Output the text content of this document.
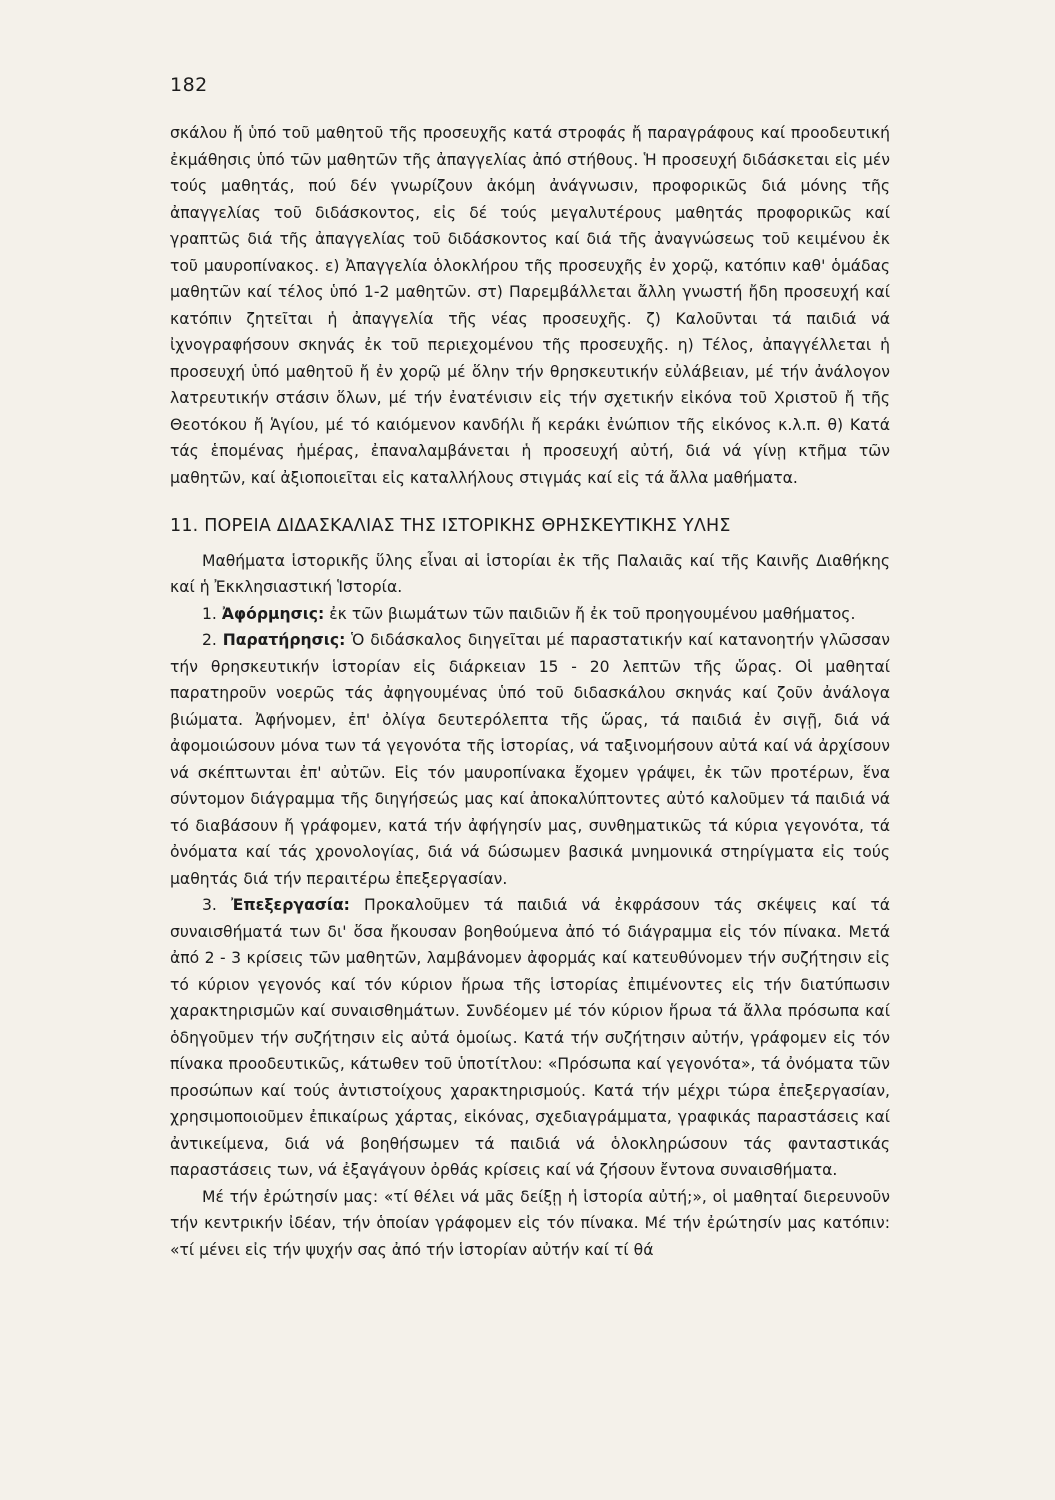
182

σκάλου ἤ ὑπό τοῦ μαθητοῦ τῆς προσευχῆς κατά στροφάς ἤ παραγράφους καί προοδευτική ἐκμάθησις ὑπό τῶν μαθητῶν τῆς ἀπαγγελίας ἀπό στήθους. Ἡ προσευχή διδάσκεται εἰς μέν τούς μαθητάς, πού δέν γνωρίζουν ἀκόμη ἀνάγνωσιν, προφορικῶς διά μόνης τῆς ἀπαγγελίας τοῦ διδάσκοντος, εἰς δέ τούς μεγαλυτέρους μαθητάς προφορικῶς καί γραπτῶς διά τῆς ἀπαγγελίας τοῦ διδάσκοντος καί διά τῆς ἀναγνώσεως τοῦ κειμένου ἐκ τοῦ μαυροπίνακος. ε) Ἀπαγγελία ὁλοκλήρου τῆς προσευχῆς ἐν χορῷ, κατόπιν καθ' ὁμάδας μαθητῶν καί τέλος ὑπό 1-2 μαθητῶν. στ) Παρεμβάλλεται ἄλλη γνωστή ἤδη προσευχή καί κατόπιν ζητεῖται ἡ ἀπαγγελία τῆς νέας προσευχῆς. ζ) Καλοῦνται τά παιδιά νά ἰχνογραφήσουν σκηνάς ἐκ τοῦ περιεχομένου τῆς προσευχῆς. η) Τέλος, ἀπαγγέλλεται ἡ προσευχή ὑπό μαθητοῦ ἤ ἐν χορῷ μέ ὅλην τήν θρησκευτικήν εὐλάβειαν, μέ τήν ἀνάλογον λατρευτικήν στάσιν ὅλων, μέ τήν ἐνατένισιν εἰς τήν σχετικήν εἰκόνα τοῦ Χριστοῦ ἤ τῆς Θεοτόκου ἤ Ἁγίου, μέ τό καιόμενον κανδήλι ἤ κεράκι ἐνώπιον τῆς εἰκόνος κ.λ.π. θ) Κατά τάς ἑπομένας ἡμέρας, ἐπαναλαμβάνεται ἡ προσευχή αὐτή, διά νά γίνῃ κτῆμα τῶν μαθητῶν, καί ἀξιοποιεῖται εἰς καταλλήλους στιγμάς καί εἰς τά ἄλλα μαθήματα.

11. ΠΟΡΕΙΑ ΔΙΔΑΣΚΑΛΙΑΣ ΤΗΣ ΙΣΤΟΡΙΚΗΣ ΘΡΗΣΚΕΥΤΙΚΗΣ ΥΛΗΣ

Μαθήματα ἱστορικῆς ὕλης εἶναι αἱ ἱστορίαι ἐκ τῆς Παλαιᾶς καί τῆς Καινῆς Διαθήκης καί ἡ Ἐκκλησιαστική Ἱστορία.

1. Ἀφόρμησις: ἐκ τῶν βιωμάτων τῶν παιδιῶν ἤ ἐκ τοῦ προηγουμένου μαθήματος.

2. Παρατήρησις: Ὁ διδάσκαλος διηγεῖται μέ παραστατικήν καί κατανοητήν γλῶσσαν τήν θρησκευτικήν ἱστορίαν εἰς διάρκειαν 15 - 20 λεπτῶν τῆς ὥρας. Οἱ μαθηταί παρατηροῦν νοερῶς τάς ἀφηγουμένας ὑπό τοῦ διδασκάλου σκηνάς καί ζοῦν ἀνάλογα βιώματα. Ἀφήνομεν, ἐπ' ὀλίγα δευτερόλεπτα τῆς ὥρας, τά παιδιά ἐν σιγῇ, διά νά ἀφομοιώσουν μόνα των τά γεγονότα τῆς ἱστορίας, νά ταξινομήσουν αὐτά καί νά ἀρχίσουν νά σκέπτωνται ἐπ' αὐτῶν. Εἰς τόν μαυροπίνακα ἔχομεν γράψει, ἐκ τῶν προτέρων, ἕνα σύντομον διάγραμμα τῆς διηγήσεώς μας καί ἀποκαλύπτοντες αὐτό καλοῦμεν τά παιδιά νά τό διαβάσουν ἤ γράφομεν, κατά τήν ἀφήγησίν μας, συνθηματικῶς τά κύρια γεγονότα, τά ὀνόματα καί τάς χρονολογίας, διά νά δώσωμεν βασικά μνημονικά στηρίγματα εἰς τούς μαθητάς διά τήν περαιτέρω ἐπεξεργασίαν.

3. Ἐπεξεργασία: Προκαλοῦμεν τά παιδιά νά ἐκφράσουν τάς σκέψεις καί τά συναισθήματά των δι' ὅσα ἤκουσαν βοηθούμενα ἀπό τό διάγραμμα εἰς τόν πίνακα. Μετά ἀπό 2 - 3 κρίσεις τῶν μαθητῶν, λαμβάνομεν ἀφορμάς καί κατευθύνομεν τήν συζήτησιν εἰς τό κύριον γεγονός καί τόν κύριον ἥρωα τῆς ἱστορίας ἐπιμένοντες εἰς τήν διατύπωσιν χαρακτηρισμῶν καί συναισθημάτων. Συνδέομεν μέ τόν κύριον ἥρωα τά ἄλλα πρόσωπα καί ὁδηγοῦμεν τήν συζήτησιν εἰς αὐτά ὁμοίως. Κατά τήν συζήτησιν αὐτήν, γράφομεν εἰς τόν πίνακα προοδευτικῶς, κάτωθεν τοῦ ὑποτίτλου: «Πρόσωπα καί γεγονότα», τά ὀνόματα τῶν προσώπων καί τούς ἀντιστοίχους χαρακτηρισμούς. Κατά τήν μέχρι τώρα ἐπεξεργασίαν, χρησιμοποιοῦμεν ἐπικαίρως χάρτας, εἰκόνας, σχεδιαγράμματα, γραφικάς παραστάσεις καί ἀντικείμενα, διά νά βοηθήσωμεν τά παιδιά νά ὁλοκληρώσουν τάς φανταστικάς παραστάσεις των, νά ἐξαγάγουν ὀρθάς κρίσεις καί νά ζήσουν ἔντονα συναισθήματα.

Μέ τήν ἐρώτησίν μας: «τί θέλει νά μᾶς δείξῃ ἡ ἱστορία αὐτή;», οἱ μαθηταί διερευνοῦν τήν κεντρικήν ἰδέαν, τήν ὁποίαν γράφομεν εἰς τόν πίνακα. Μέ τήν ἐρώτησίν μας κατόπιν: «τί μένει εἰς τήν ψυχήν σας ἀπό τήν ἱστορίαν αὐτήν καί τί θά
